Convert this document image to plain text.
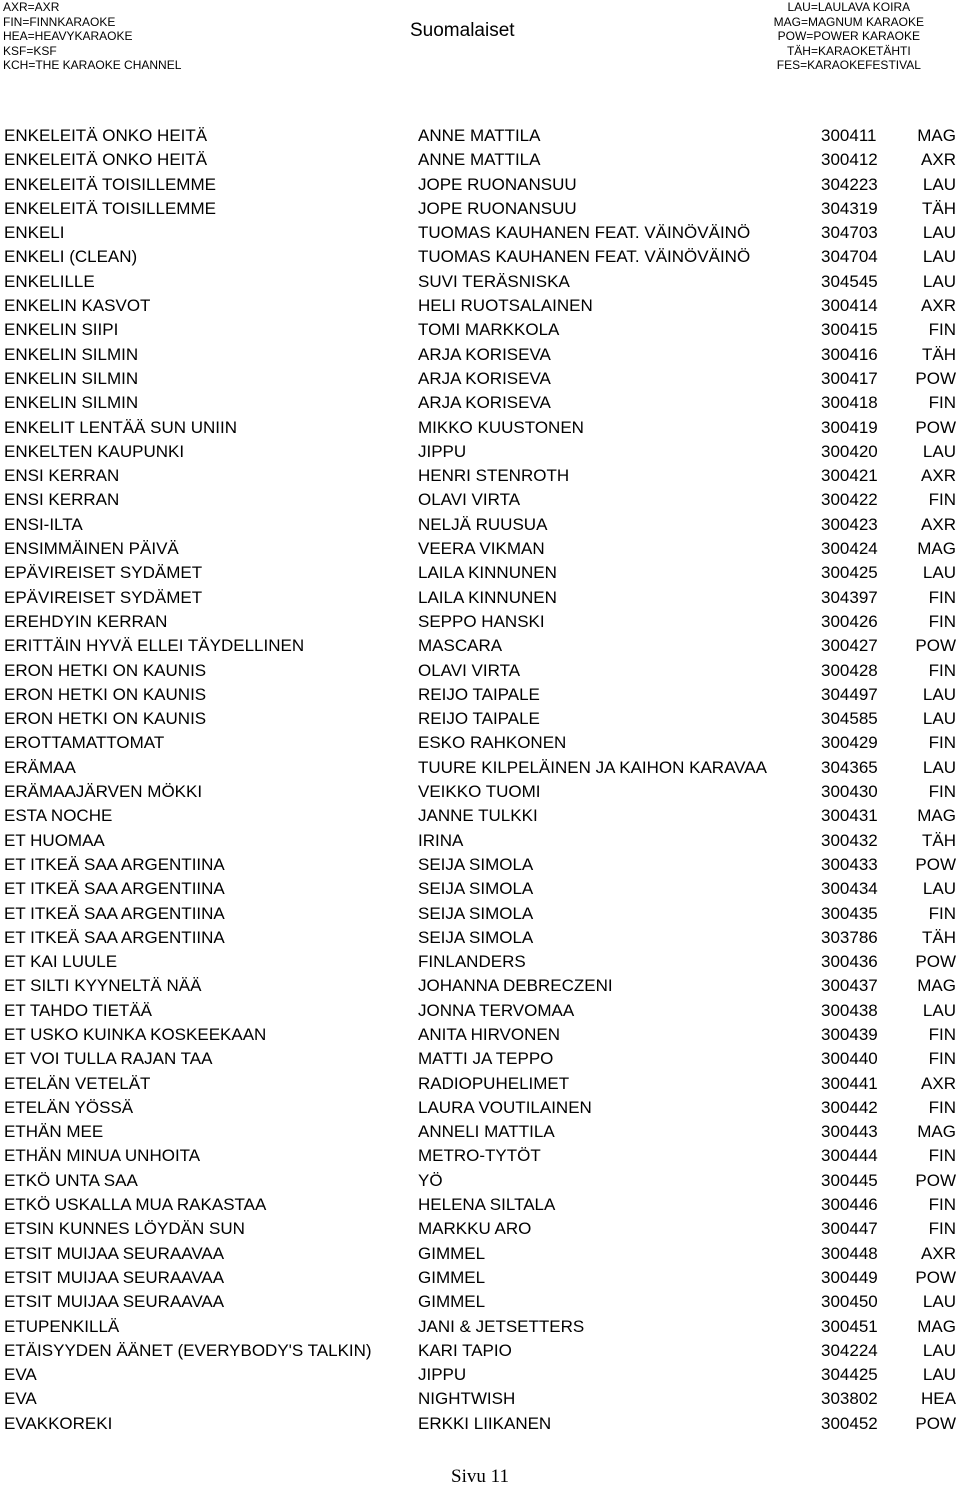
AXR=AXR
FIN=FINNKARAOKE
HEA=HEAVYKARAOKE
KSF=KSF
KCH=THE KARAOKE CHANNEL
Suomalaiset
LAU=LAULAVA KOIRA
MAG=MAGNUM KARAOKE
POW=POWER KARAOKE
TÄH=KARAOKETÄHTI
FES=KARAOKEFESTIVAL
ENKELEITÄ ONKO HEITÄ	ANNE MATTILA	300411 MAG
ENKELEITÄ ONKO HEITÄ	ANNE MATTILA	300412	AXR
ENKELEITÄ TOISILLEMME	JOPE RUONANSUU	304223	LAU
ENKELEITÄ TOISILLEMME	JOPE RUONANSUU	304319	TÄH
ENKELI	TUOMAS KAUHANEN FEAT. VÄINÖVÄINÖ	304703	LAU
ENKELI (CLEAN)	TUOMAS KAUHANEN FEAT. VÄINÖVÄINÖ	304704	LAU
ENKELILLE	SUVI TERÄSNISKA	304545	LAU
ENKELIN KASVOT	HELI RUOTSALAINEN	300414	AXR
ENKELIN SIIPI	TOMI MARKKOLA	300415	FIN
ENKELIN SILMIN	ARJA KORISEVA	300416	TÄH
ENKELIN SILMIN	ARJA KORISEVA	300417 POW
ENKELIN SILMIN	ARJA KORISEVA	300418	FIN
ENKELIT LENTÄÄ SUN UNIIN	MIKKO KUUSTONEN	300419 POW
ENKELTEN KAUPUNKI	JIPPU	300420	LAU
ENSI KERRAN	HENRI STENROTH	300421	AXR
ENSI KERRAN	OLAVI VIRTA	300422	FIN
ENSI-ILTA	NELJÄ RUUSUA	300423	AXR
ENSIMMÄINEN PÄIVÄ	VEERA VIKMAN	300424 MAG
EPÄVIREISET SYDÄMET	LAILA KINNUNEN	300425	LAU
EPÄVIREISET SYDÄMET	LAILA KINNUNEN	304397	FIN
EREHDYIN KERRAN	SEPPO HANSKI	300426	FIN
ERITTÄIN HYVÄ ELLEI TÄYDELLINEN	MASCARA	300427 POW
ERON HETKI ON KAUNIS	OLAVI VIRTA	300428	FIN
ERON HETKI ON KAUNIS	REIJO TAIPALE	304497	LAU
ERON HETKI ON KAUNIS	REIJO TAIPALE	304585	LAU
EROTTAMATTOMAT	ESKO RAHKONEN	300429	FIN
ERÄMAA	TUURE KILPELÄINEN JA KAIHON KARAVAA	304365	LAU
ERÄMAAJÄRVEN MÖKKI	VEIKKO TUOMI	300430	FIN
ESTA NOCHE	JANNE TULKKI	300431 MAG
ET HUOMAA	IRINA	300432	TÄH
ET ITKEÄ SAA ARGENTIINA	SEIJA SIMOLA	300433 POW
ET ITKEÄ SAA ARGENTIINA	SEIJA SIMOLA	300434	LAU
ET ITKEÄ SAA ARGENTIINA	SEIJA SIMOLA	300435	FIN
ET ITKEÄ SAA ARGENTIINA	SEIJA SIMOLA	303786	TÄH
ET KAI LUULE	FINLANDERS	300436 POW
ET SILTI KYYNELTÄ NÄÄ	JOHANNA DEBRECZENI	300437 MAG
ET TAHDO TIETÄÄ	JONNA TERVOMAA	300438	LAU
ET USKO KUINKA KOSKEEKAAN	ANITA HIRVONEN	300439	FIN
ET VOI TULLA RAJAN TAA	MATTI JA TEPPO	300440	FIN
ETELÄN VETELÄT	RADIOPUHELIMET	300441	AXR
ETELÄN YÖSSÄ	LAURA VOUTILAINEN	300442	FIN
ETHÄN MEE	ANNELI MATTILA	300443 MAG
ETHÄN MINUA UNHOITA	METRO-TYTÖT	300444	FIN
ETKÖ UNTA SAA	YÖ	300445 POW
ETKÖ USKALLA MUA RAKASTAA	HELENA SILTALA	300446	FIN
ETSIN KUNNES LÖYDÄN SUN	MARKKU ARO	300447	FIN
ETSIT MUIJAA SEURAAVAA	GIMMEL	300448	AXR
ETSIT MUIJAA SEURAAVAA	GIMMEL	300449 POW
ETSIT MUIJAA SEURAAVAA	GIMMEL	300450	LAU
ETUPENKILLÄ	JANI & JETSETTERS	300451 MAG
ETÄISYYDEN ÄÄNET (EVERYBODY'S TALKIN)	KARI TAPIO	304224	LAU
EVA	JIPPU	304425	LAU
EVA	NIGHTWISH	303802	HEA
EVAKKOREKI	ERKKI LIIKANEN	300452 POW
Sivu 11
